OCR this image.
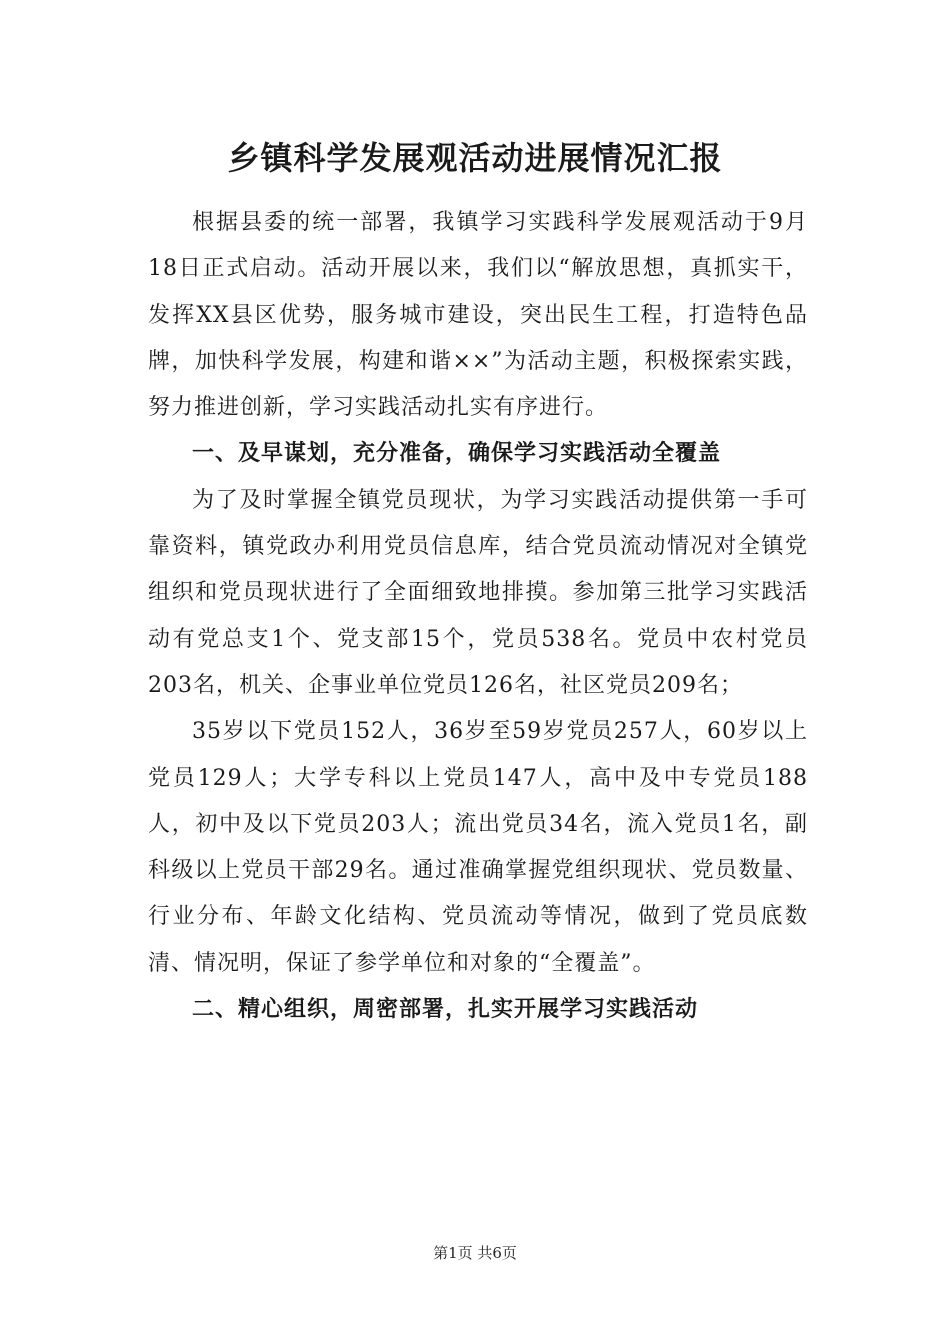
乡镇科学发展观活动进展情况汇报

根据县委的统一部署，我镇学习实践科学发展观活动于9月18日正式启动。活动开展以来，我们以“解放思想，真抓实干，发挥XX县区优势，服务城市建设，突出民生工程，打造特色品牌，加快科学发展，构建和谐××”为活动主题，积极探索实践，努力推进创新，学习实践活动扎实有序进行。

一、及早谋划，充分准备，确保学习实践活动全覆盖

为了及时掌握全镇党员现状，为学习实践活动提供第一手可靠资料，镇党政办利用党员信息库，结合党员流动情况对全镇党组织和党员现状进行了全面细致地排摸。参加第三批学习实践活动有党总支1个、党支部15个，党员538名。党员中农村党员203名，机关、企事业单位党员126名，社区党员209名；

35岁以下党员152人，36岁至59岁党员257人，60岁以上党员129人；大学专科以上党员147人，高中及中专党员188人，初中及以下党员203人；流出党员34名，流入党员1名，副科级以上党员干部29名。通过准确掌握党组织现状、党员数量、行业分布、年龄文化结构、党员流动等情况，做到了党员底数清、情况明，保证了参学单位和对象的“全覆盖”。

二、精心组织，周密部署，扎实开展学习实践活动

第1页 共6页
